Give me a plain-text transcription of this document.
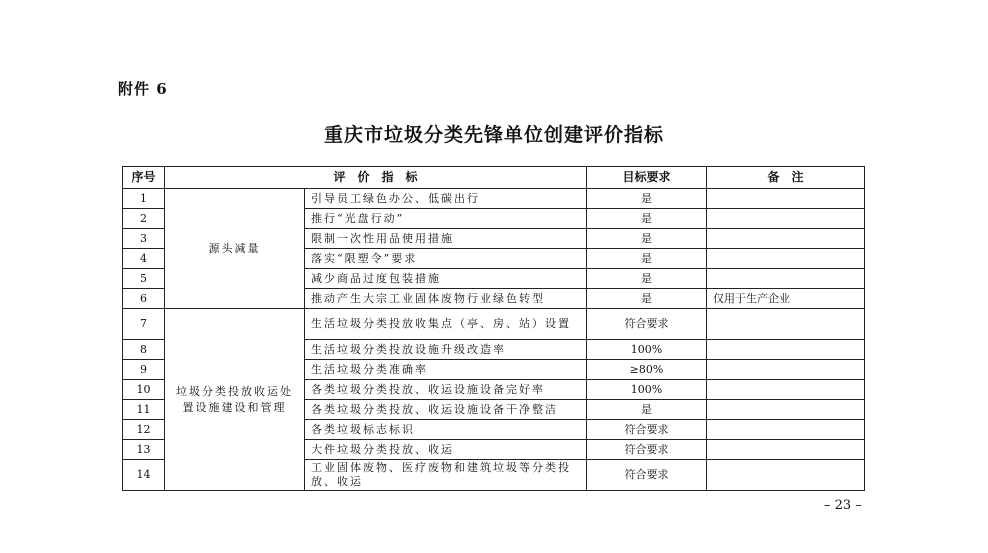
附件 6
重庆市垃圾分类先锋单位创建评价指标
序号	评　价　指　标		目标要求	备　注
1	源头减量	引导员工绿色办公、低碳出行	是	
2		推行“光盘行动”	是	
3		限制一次性用品使用措施	是	
4		落实“限塑令”要求	是	
5		减少商品过度包装措施	是	
6		推动产生大宗工业固体废物行业绿色转型	是	仅用于生产企业
7	垃圾分类投放收运处置设施建设和管理	生活垃圾分类投放收集点（亭、房、站）设置	符合要求	
8		生活垃圾分类投放设施升级改造率	100%	
9		生活垃圾分类准确率	≥80%	
10		各类垃圾分类投放、收运设施设备完好率	100%	
11		各类垃圾分类投放、收运设施设备干净整洁	是	
12		各类垃圾标志标识	符合要求	
13		大件垃圾分类投放、收运	符合要求	
14		工业固体废物、医疗废物和建筑垃圾等分类投放、收运	符合要求	
– 23 –
